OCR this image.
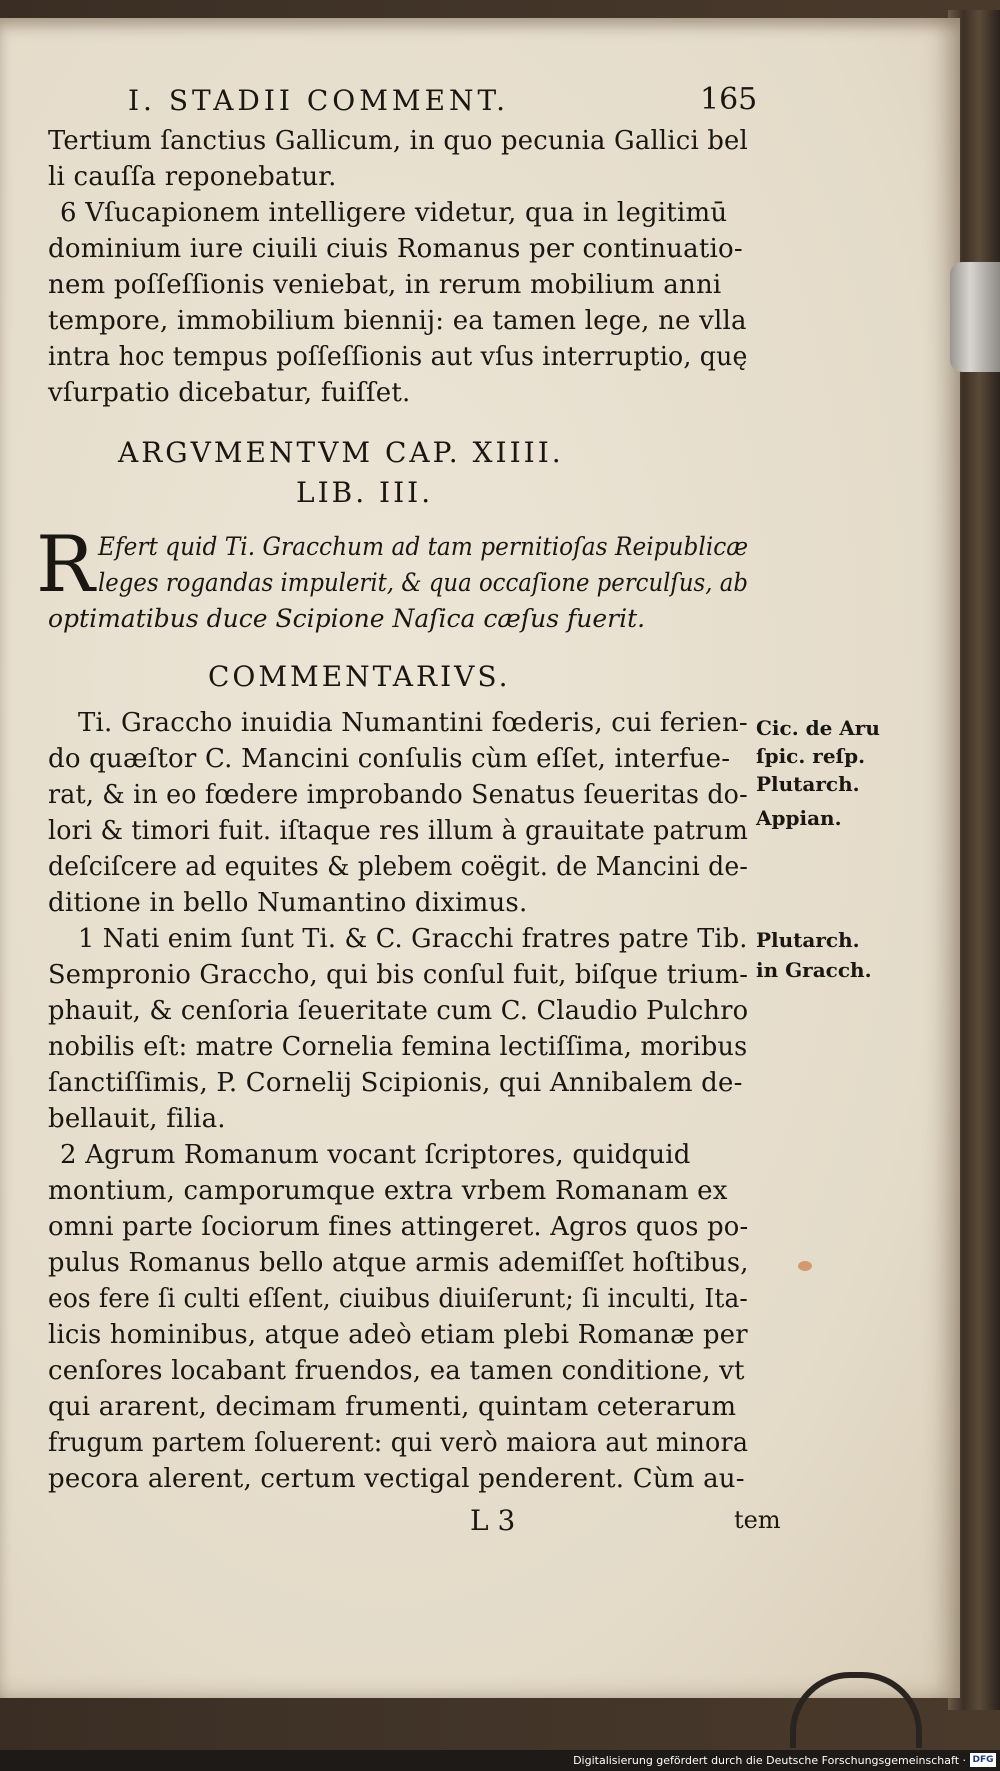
I. STADII COMMENT.	165
Tertium ſanctius Gallicum, in quo pecunia Gallici bel
li cauſſa reponebatur.
6 Vſucapionem intelligere videtur, qua in legitimū
dominium iure ciuili ciuis Romanus per continuatio-
nem poſſeſſionis veniebat, in rerum mobilium anni
tempore, immobilium biennij: ea tamen lege, ne vlla
intra hoc tempus poſſeſſionis aut vſus interruptio, quę
vſurpatio dicebatur, fuiſſet.
ARGVMENTVM CAP. XIIII.
LIB. III.
R Efert quid Ti. Gracchum ad tam pernitioſas Reipublicæ
leges rogandas impulerit, & qua occaſione perculſus, ab
optimatibus duce Scipione Naſica cæſus fuerit.
COMMENTARIVS.
Ti. Graccho inuidia Numantini fœderis, cui ferien-
do quæſtor C. Mancini conſulis cùm eſſet, interfue-
rat, & in eo fœdere improbando Senatus ſeueritas do-
lori & timori fuit. iſtaque res illum à grauitate patrum
deſciſcere ad equites & plebem coëgit. de Mancini de-
ditione in bello Numantino diximus.
1 Nati enim ſunt Ti. & C. Gracchi fratres patre Tib.
Sempronio Graccho, qui bis conſul fuit, biſque trium-
phauit, & cenſoria ſeueritate cum C. Claudio Pulchro
nobilis eſt: matre Cornelia femina lectiſſima, moribus
ſanctiſſimis, P. Cornelij Scipionis, qui Annibalem de-
bellauit, filia.
2 Agrum Romanum vocant ſcriptores, quidquid
montium, camporumque extra vrbem Romanam ex
omni parte ſociorum fines attingeret. Agros quos po-
pulus Romanus bello atque armis ademiſſet hoſtibus,
eos fere ſi culti eſſent, ciuibus diuiſerunt; ſi inculti, Ita-
licis hominibus, atque adeò etiam plebi Romanæ per
cenſores locabant fruendos, ea tamen conditione, vt
qui ararent, decimam frumenti, quintam ceterarum
frugum partem ſoluerent: qui verò maiora aut minora
pecora alerent, certum vectigal penderent. Cùm au-
Cic. de Aru
ſpic. reſp.
Plutarch.
Appian.
Plutarch.
in Gracch.
L 3	tem
Digitalisierung gefördert durch die Deutsche Forschungsgemeinschaft · DFG
